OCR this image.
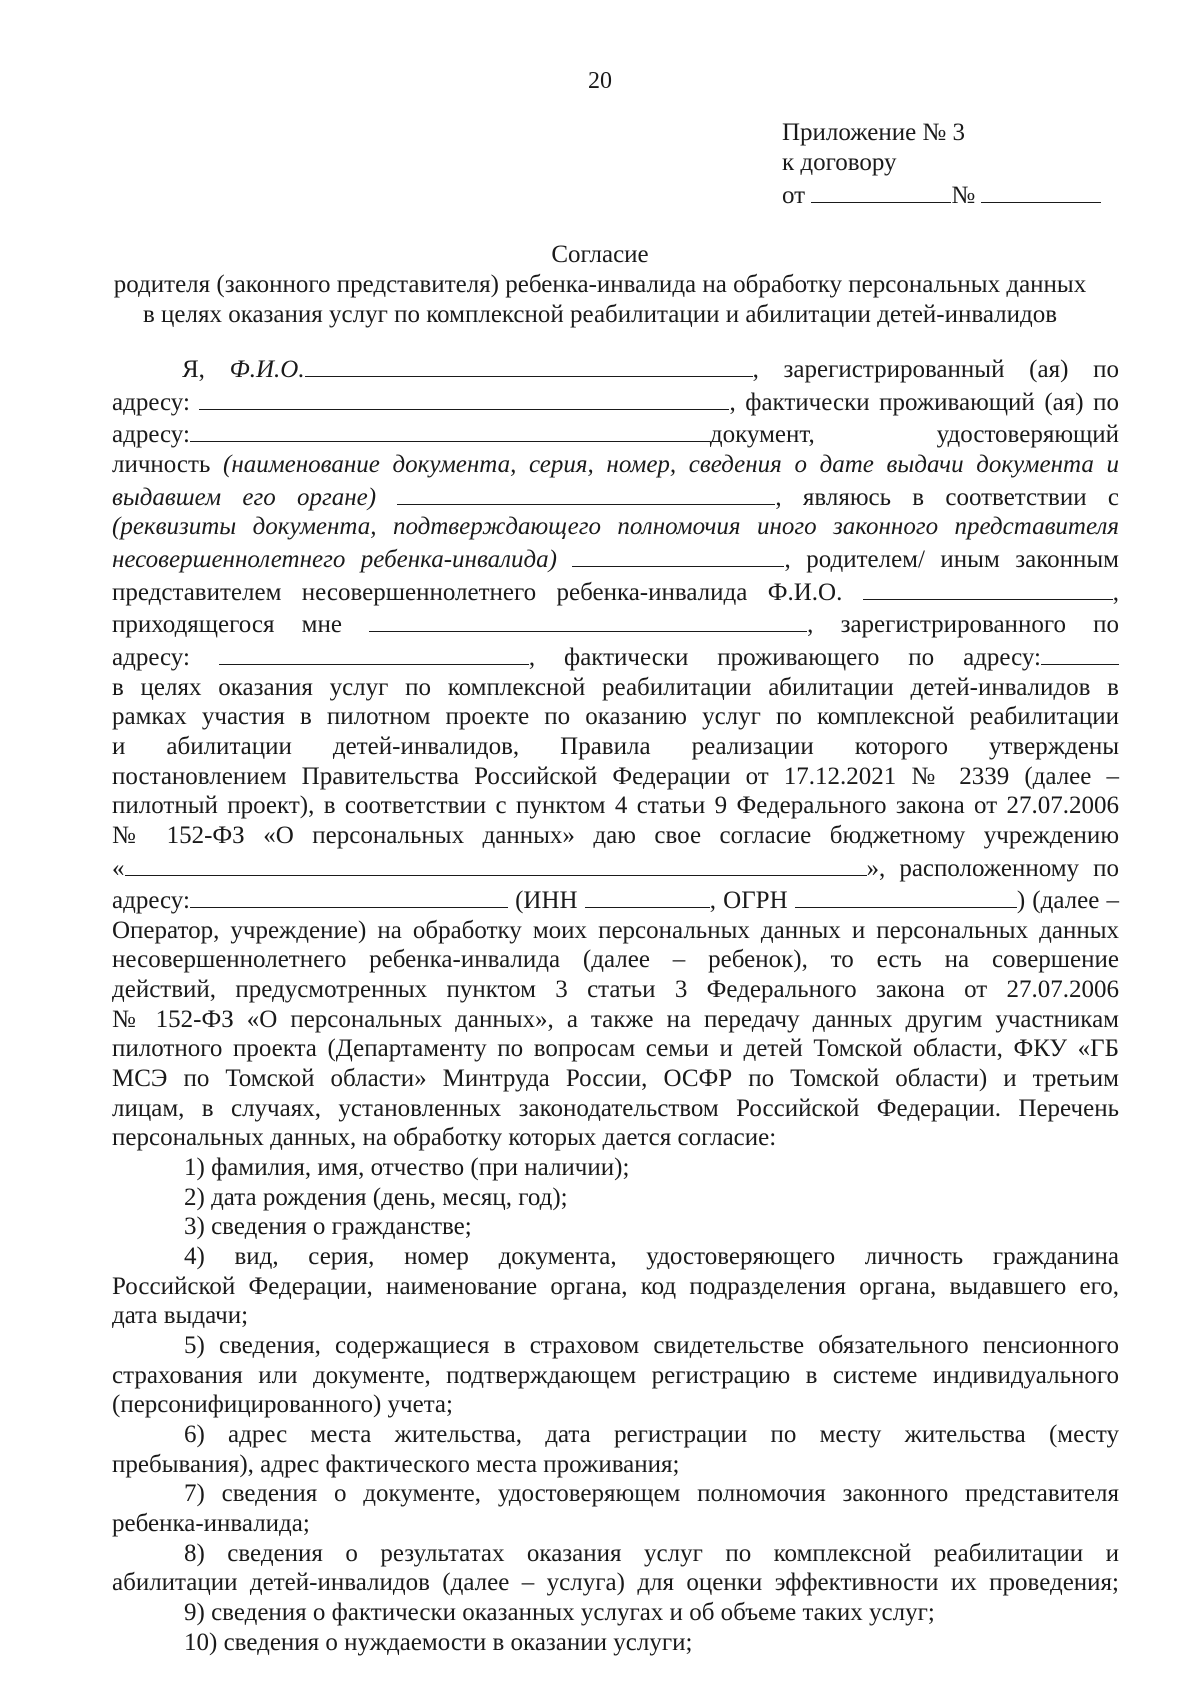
20
Приложение № 3
к договору
от	№
Согласие
родителя (законного представителя) ребенка-инвалида на обработку персональных данных
в целях оказания услуг по комплексной реабилитации и абилитации детей-инвалидов
Я, Ф.И.О.	, зарегистрированный (ая) по
адресу:	, фактически проживающий (ая) по
адресу:	документ, удостоверяющий
личность (наименование документа, серия, номер, сведения о дате выдачи документа и
выдавшем его органе)	, являюсь в соответствии с
(реквизиты документа, подтверждающего полномочия иного законного представителя
несовершеннолетнего ребенка-инвалида)	, родителем/ иным законным
представителем несовершеннолетнего ребенка-инвалида Ф.И.О.	,
приходящегося мне	, зарегистрированного по
адресу:	, фактически проживающего по адресу:
в целях оказания услуг по комплексной реабилитации абилитации детей-инвалидов в
рамках участия в пилотном проекте по оказанию услуг по комплексной реабилитации
и абилитации детей-инвалидов, Правила реализации которого утверждены
постановлением Правительства Российской Федерации от 17.12.2021 № 2339 (далее –
пилотный проект), в соответствии с пунктом 4 статьи 9 Федерального закона от 27.07.2006
№ 152-ФЗ «О персональных данных» даю свое согласие бюджетному учреждению
«	», расположенному по
адресу:	(ИНН	, ОГРН	) (далее –
Оператор, учреждение) на обработку моих персональных данных и персональных данных
несовершеннолетнего ребенка-инвалида (далее – ребенок), то есть на совершение
действий, предусмотренных пунктом 3 статьи 3 Федерального закона от 27.07.2006
№ 152-ФЗ «О персональных данных», а также на передачу данных другим участникам
пилотного проекта (Департаменту по вопросам семьи и детей Томской области, ФКУ «ГБ
МСЭ по Томской области» Минтруда России, ОСФР по Томской области) и третьим
лицам, в случаях, установленных законодательством Российской Федерации. Перечень
персональных данных, на обработку которых дается согласие:
1) фамилия, имя, отчество (при наличии);
2) дата рождения (день, месяц, год);
3) сведения о гражданстве;
4) вид, серия, номер документа, удостоверяющего личность гражданина
Российской Федерации, наименование органа, код подразделения органа, выдавшего его,
дата выдачи;
5) сведения, содержащиеся в страховом свидетельстве обязательного пенсионного
страхования или документе, подтверждающем регистрацию в системе индивидуального
(персонифицированного) учета;
6) адрес места жительства, дата регистрации по месту жительства (месту
пребывания), адрес фактического места проживания;
7) сведения о документе, удостоверяющем полномочия законного представителя
ребенка-инвалида;
8) сведения о результатах оказания услуг по комплексной реабилитации и
абилитации детей-инвалидов (далее – услуга) для оценки эффективности их проведения;
9) сведения о фактически оказанных услугах и об объеме таких услуг;
10) сведения о нуждаемости в оказании услуги;
